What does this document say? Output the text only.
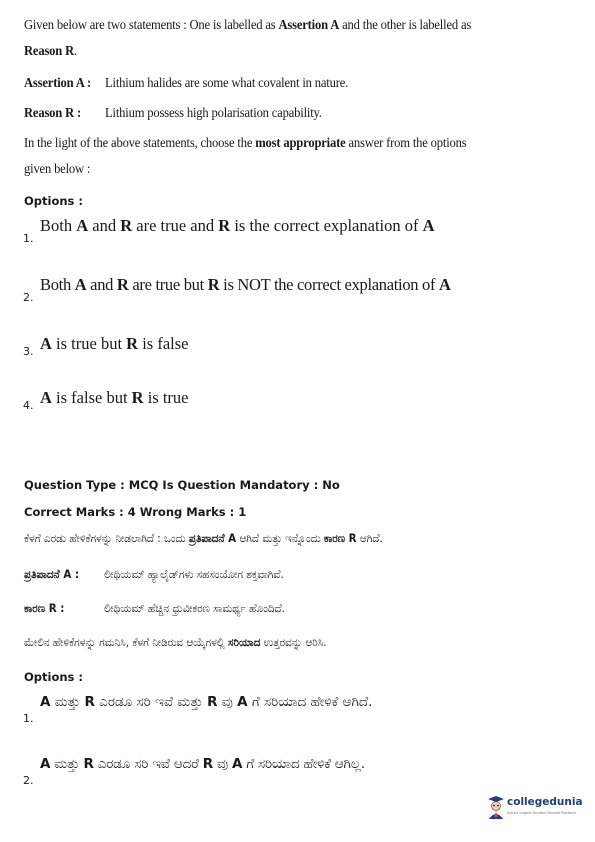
Given below are two statements : One is labelled as Assertion A and the other is labelled as
Reason R.
Assertion A : Lithium halides are some what covalent in nature.
Reason R : Lithium possess high polarisation capability.
In the light of the above statements, choose the most appropriate answer from the options
given below :
Options :
1.
Both A and R are true and R is the correct explanation of A
2.
Both A and R are true but R is NOT the correct explanation of A
3. A is true but R is false
4. A is false but R is true
Question Type : MCQ Is Question Mandatory : No
Correct Marks : 4 Wrong Marks : 1
ಕೆಳಗೆ ಎರಡು ಹೇಳಿಕೆಗಳನ್ನು ನೀಡಲಾಗಿದೆ : ಒಂದು ಪ್ರತಿಪಾದನೆ A ಆಗಿದೆ ಮತ್ತು ಇನ್ನೊಂದು ಕಾರಣ R ಆಗಿದೆ.
ಪ್ರತಿಪಾದನೆ A : ಲೀಥಿಯಮ್ ಹ್ಯಾಲೈಡ್‌ಗಳು ಸಹಸಂಯೋಗ ಶಕ್ತವಾಗಿವೆ.
ಕಾರಣ R :	ಲೀಥಿಯಮ್ ಹೆಚ್ಚಿನ ಧ್ರುವೀಕರಣ ಸಾಮರ್ಥ್ಯ ಹೊಂದಿದೆ.
ಮೇಲಿನ ಹೇಳಿಕೆಗಳನ್ನು ಗಮನಿಸಿ, ಕೆಳಗೆ ನೀಡಿರುವ ಆಯ್ಕೆಗಳಲ್ಲಿ ಸರಿಯಾದ ಉತ್ತರವನ್ನು ಆರಿಸಿ.
Options :
1.
A ಮತ್ತು R ಎರಡೂ ಸರಿ ಇವೆ ಮತ್ತು R ವು A ಗೆ ಸರಿಯಾದ ಹೇಳಿಕೆ ಆಗಿದೆ.
2.
A ಮತ್ತು R ಎರಡೂ ಸರಿ ಇವೆ ಆದರೆ R ವು A ಗೆ ಸರಿಯಾದ ಹೇಳಿಕೆ ಆಗಿಲ್ಲ.
collegedunia
India's largest Student Review Platform
